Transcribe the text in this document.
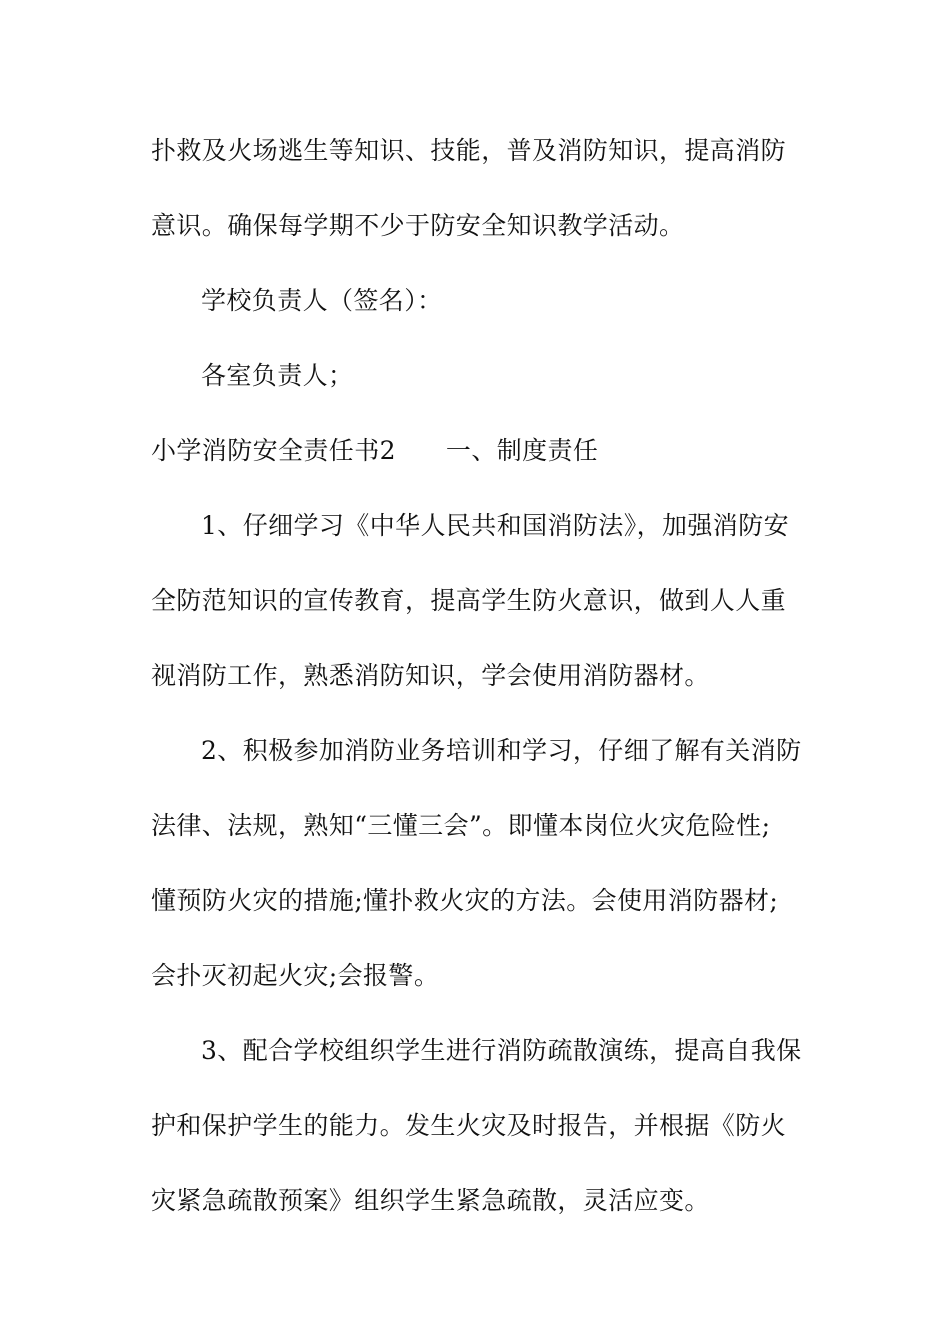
扑救及火场逃生等知识、技能，普及消防知识，提高消防

意识。确保每学期不少于防安全知识教学活动。

学校负责人（签名）：

各室负责人；

小学消防安全责任书2 一、制度责任

1、仔细学习《中华人民共和国消防法》，加强消防安

全防范知识的宣传教育，提高学生防火意识，做到人人重

视消防工作，熟悉消防知识，学会使用消防器材。

2、积极参加消防业务培训和学习，仔细了解有关消防

法律、法规，熟知“三懂三会”。即懂本岗位火灾危险性;

懂预防火灾的措施;懂扑救火灾的方法。会使用消防器材;

会扑灭初起火灾;会报警。

3、配合学校组织学生进行消防疏散演练，提高自我保

护和保护学生的能力。发生火灾及时报告，并根据《防火

灾紧急疏散预案》组织学生紧急疏散，灵活应变。
